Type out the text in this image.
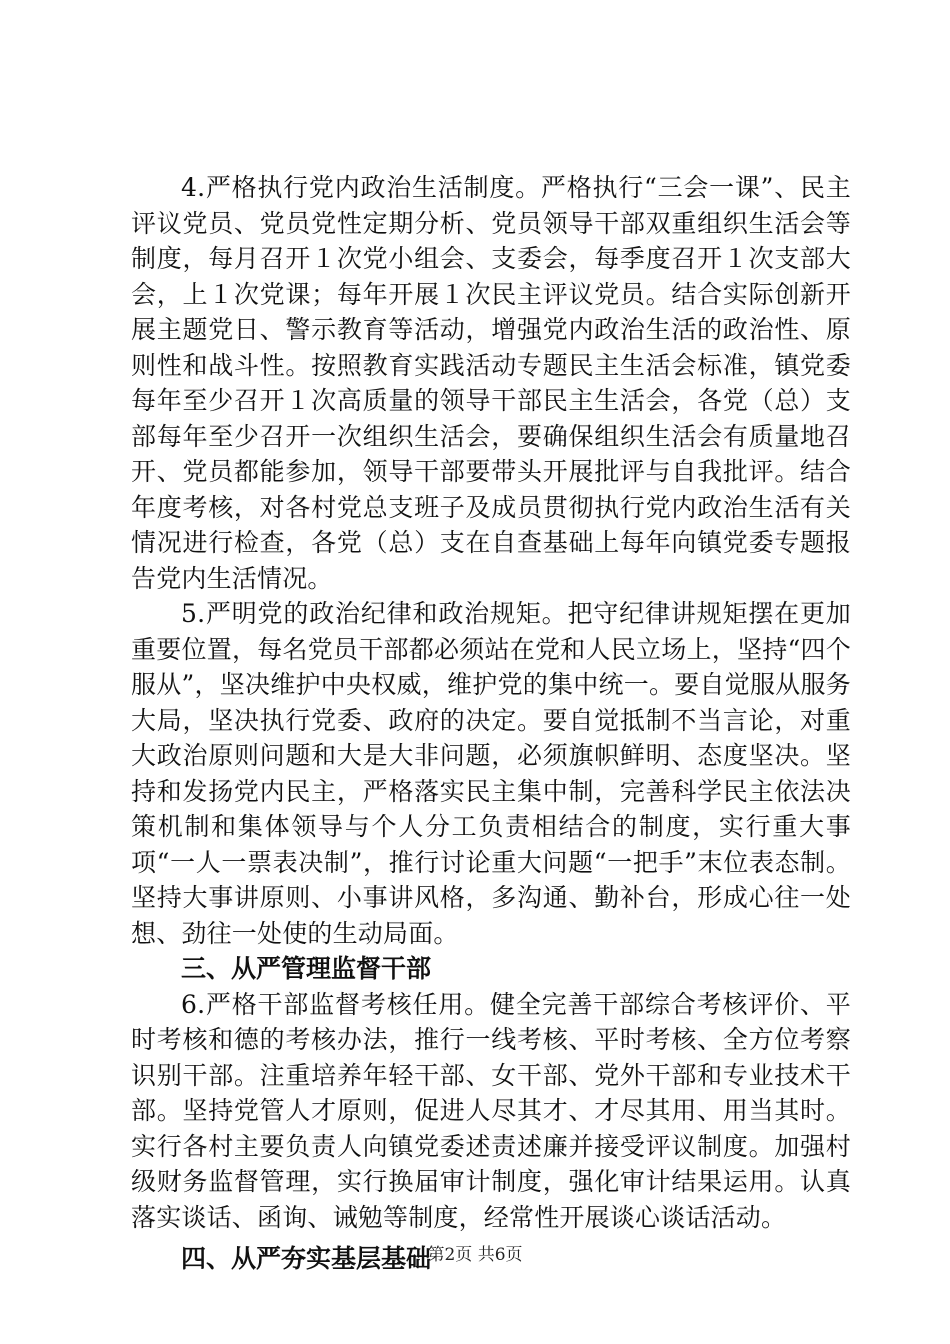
4.严格执行党内政治生活制度。严格执行“三会一课”、民主评议党员、党员党性定期分析、党员领导干部双重组织生活会等制度，每月召开１次党小组会、支委会，每季度召开１次支部大会，上１次党课；每年开展１次民主评议党员。结合实际创新开展主题党日、警示教育等活动，增强党内政治生活的政治性、原则性和战斗性。按照教育实践活动专题民主生活会标准，镇党委每年至少召开１次高质量的领导干部民主生活会，各党（总）支部每年至少召开一次组织生活会，要确保组织生活会有质量地召开、党员都能参加，领导干部要带头开展批评与自我批评。结合年度考核，对各村党总支班子及成员贯彻执行党内政治生活有关情况进行检查，各党（总）支在自查基础上每年向镇党委专题报告党内生活情况。

5.严明党的政治纪律和政治规矩。把守纪律讲规矩摆在更加重要位置，每名党员干部都必须站在党和人民立场上，坚持“四个服从”，坚决维护中央权威，维护党的集中统一。要自觉服从服务大局，坚决执行党委、政府的决定。要自觉抵制不当言论，对重大政治原则问题和大是大非问题，必须旗帜鲜明、态度坚决。坚持和发扬党内民主，严格落实民主集中制，完善科学民主依法决策机制和集体领导与个人分工负责相结合的制度，实行重大事项“一人一票表决制”，推行讨论重大问题“一把手”末位表态制。坚持大事讲原则、小事讲风格，多沟通、勤补台，形成心往一处想、劲往一处使的生动局面。

三、从严管理监督干部

6.严格干部监督考核任用。健全完善干部综合考核评价、平时考核和德的考核办法，推行一线考核、平时考核、全方位考察识别干部。注重培养年轻干部、女干部、党外干部和专业技术干部。坚持党管人才原则，促进人尽其才、才尽其用、用当其时。实行各村主要负责人向镇党委述责述廉并接受评议制度。加强村级财务监督管理，实行换届审计制度，强化审计结果运用。认真落实谈话、函询、诫勉等制度，经常性开展谈心谈话活动。

四、从严夯实基层基础

第2页 共6页
